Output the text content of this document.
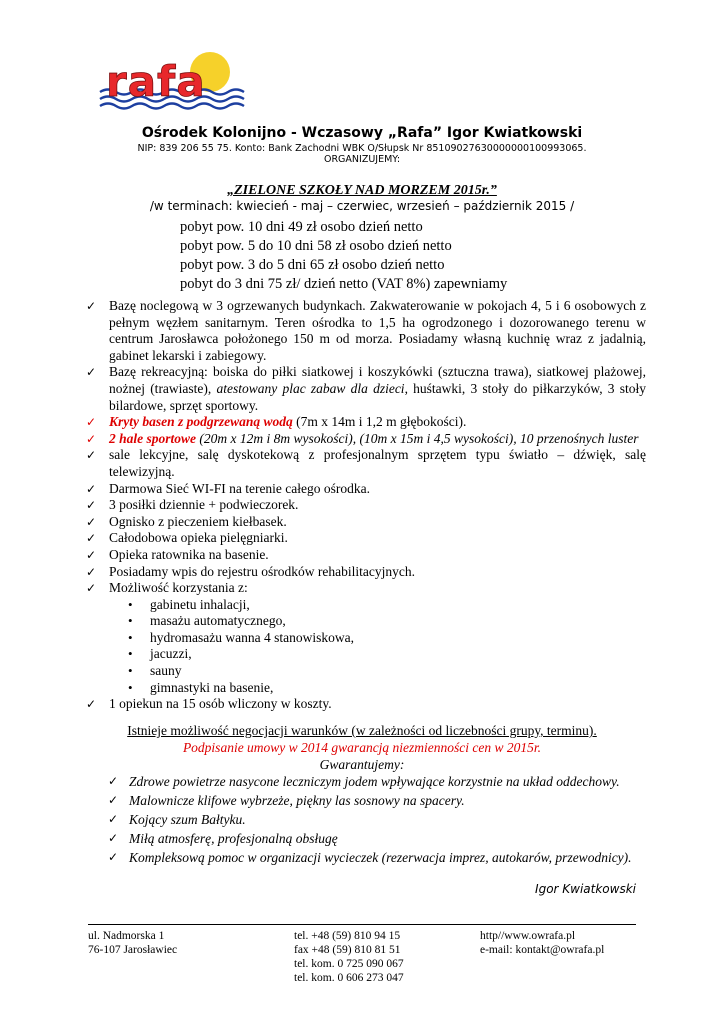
rafa
Ośrodek Kolonijno - Wczasowy „Rafa” Igor Kwiatkowski
NIP: 839 206 55 75. Konto: Bank Zachodni WBK O/Słupsk Nr 85109027630000000100993065.
ORGANIZUJEMY:
„ZIELONE SZKOŁY NAD MORZEM 2015r.”
/w terminach: kwiecień - maj – czerwiec, wrzesień – październik 2015 /
pobyt pow. 10 dni 49 zł osobo dzień netto
pobyt pow. 5 do 10 dni 58 zł osobo dzień netto
pobyt pow. 3 do 5 dni 65 zł osobo dzień netto
pobyt do 3 dni 75 zł/ dzień netto (VAT 8%) zapewniamy
✓ Bazę noclegową w 3 ogrzewanych budynkach. Zakwaterowanie w pokojach 4, 5 i 6 osobowych z pełnym węzłem sanitarnym. Teren ośrodka to 1,5 ha ogrodzonego i dozorowanego terenu w centrum Jarosławca położonego 150 m od morza. Posiadamy własną kuchnię wraz z jadalnią, gabinet lekarski i zabiegowy.
✓ Bazę rekreacyjną: boiska do piłki siatkowej i koszykówki (sztuczna trawa), siatkowej plażowej, nożnej (trawiaste), atestowany plac zabaw dla dzieci, huśtawki, 3 stoły do piłkarzyków, 3 stoły bilardowe, sprzęt sportowy.
✓ Kryty basen z podgrzewaną wodą (7m x 14m i 1,2 m głębokości).
✓ 2 hale sportowe (20m x 12m i 8m wysokości), (10m x 15m i 4,5 wysokości), 10 przenośnych luster
✓ sale lekcyjne, salę dyskotekową z profesjonalnym sprzętem typu światło – dźwięk, salę telewizyjną.
✓ Darmowa Sieć WI-FI na terenie całego ośrodka.
✓ 3 posiłki dziennie + podwieczorek.
✓ Ognisko z pieczeniem kiełbasek.
✓ Całodobowa opieka pielęgniarki.
✓ Opieka ratownika na basenie.
✓ Posiadamy wpis do rejestru ośrodków rehabilitacyjnych.
✓ Możliwość korzystania z:
• gabinetu inhalacji,
• masażu automatycznego,
• hydromasażu wanna 4 stanowiskowa,
• jacuzzi,
• sauny
• gimnastyki na basenie,
✓ 1 opiekun na 15 osób wliczony w koszty.
Istnieje możliwość negocjacji warunków (w zależności od liczebności grupy, terminu).
Podpisanie umowy w 2014 gwarancją niezmienności cen w 2015r.
Gwarantujemy:
✓ Zdrowe powietrze nasycone leczniczym jodem wpływające korzystnie na układ oddechowy.
✓ Malownicze klifowe wybrzeże, piękny las sosnowy na spacery.
✓ Kojący szum Bałtyku.
✓ Miłą atmosferę, profesjonalną obsługę
✓ Kompleksową pomoc w organizacji wycieczek (rezerwacja imprez, autokarów, przewodnicy).
Igor Kwiatkowski
ul. Nadmorska 1
76-107 Jarosławiec
tel. +48 (59) 810 94 15
fax +48 (59) 810 81 51
tel. kom. 0 725 090 067
tel. kom. 0 606 273 047
http//www.owrafa.pl
e-mail: kontakt@owrafa.pl
